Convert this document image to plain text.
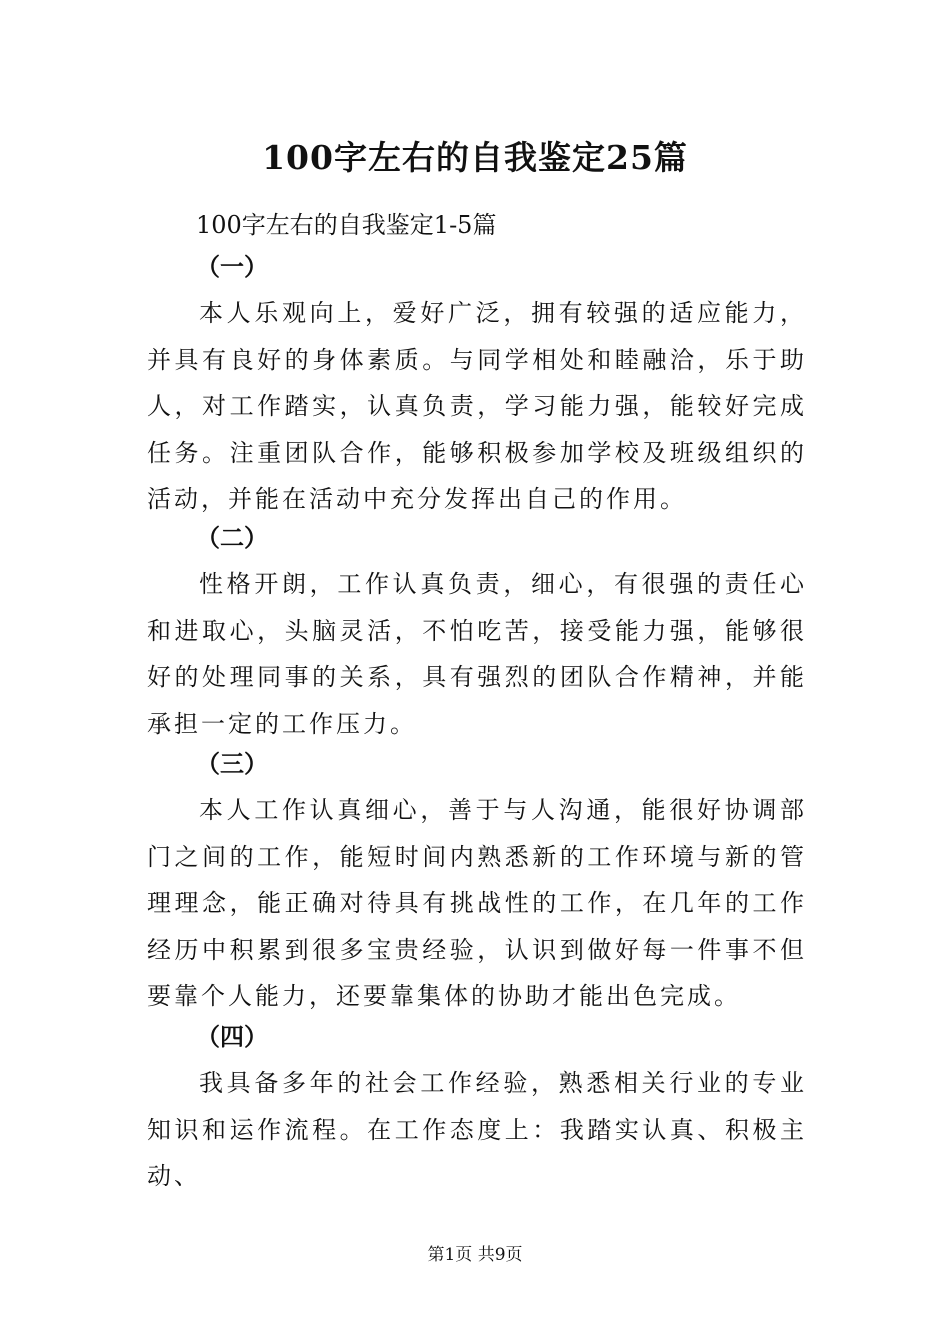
100字左右的自我鉴定25篇
100字左右的自我鉴定1-5篇
（一）

本人乐观向上，爱好广泛，拥有较强的适应能力，并具有良好的身体素质。与同学相处和睦融洽，乐于助人，对工作踏实，认真负责，学习能力强，能较好完成任务。注重团队合作，能够积极参加学校及班级组织的活动，并能在活动中充分发挥出自己的作用。

（二）

性格开朗，工作认真负责，细心，有很强的责任心和进取心，头脑灵活，不怕吃苦，接受能力强，能够很好的处理同事的关系，具有强烈的团队合作精神，并能承担一定的工作压力。

（三）

本人工作认真细心，善于与人沟通，能很好协调部门之间的工作，能短时间内熟悉新的工作环境与新的管理理念，能正确对待具有挑战性的工作，在几年的工作经历中积累到很多宝贵经验，认识到做好每一件事不但要靠个人能力，还要靠集体的协助才能出色完成。

（四）

我具备多年的社会工作经验，熟悉相关行业的专业知识和运作流程。在工作态度上：我踏实认真、积极主动、

第1页 共9页
